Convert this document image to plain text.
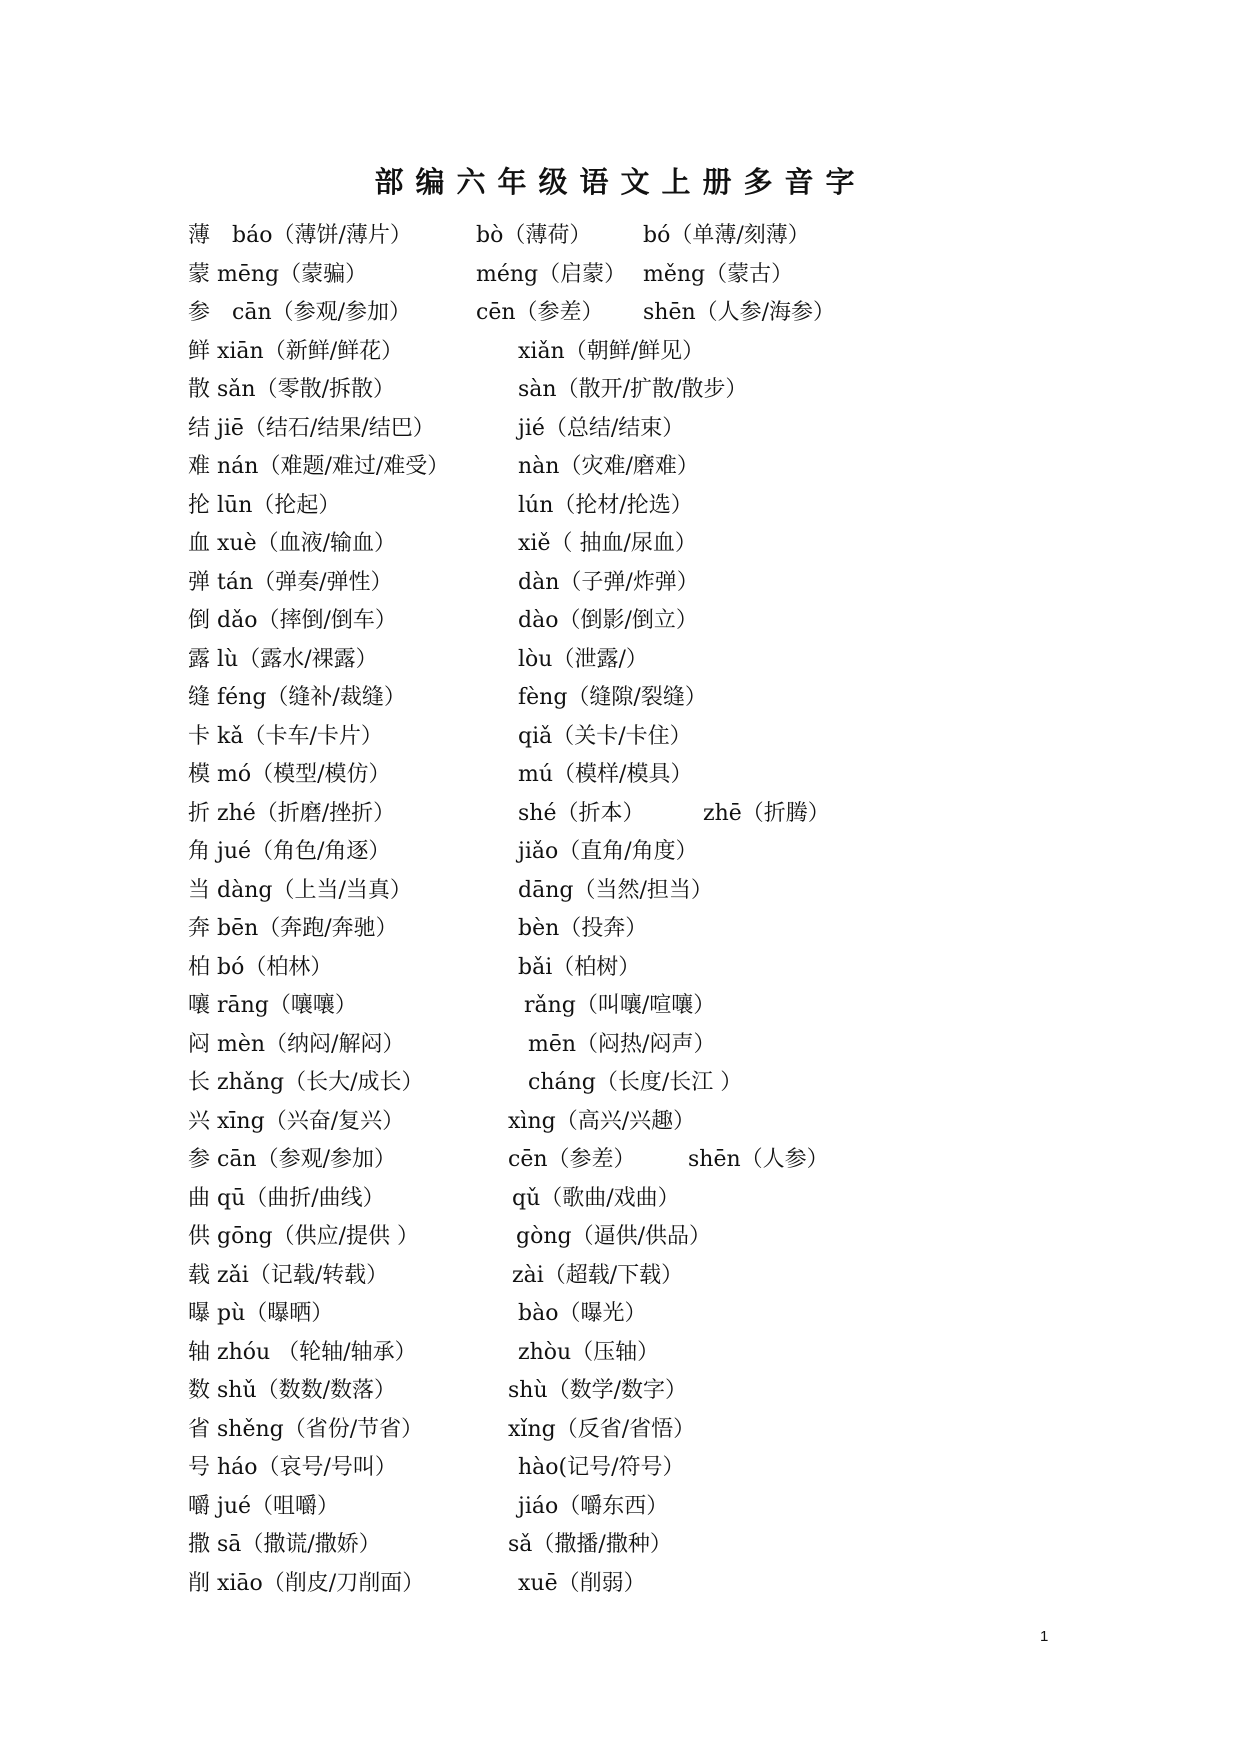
部编六年级语文上册多音字
薄　báo（薄饼/薄片）	bò（薄荷） bó（单薄/刻薄）
蒙 mēng（蒙骗）	méng（启蒙） měng（蒙古）
参　cān（参观/参加）	cēn（参差） shēn（人参/海参）
鲜 xiān（新鲜/鲜花）	xiǎn（朝鲜/鲜见）
散 sǎn（零散/拆散）	sàn（散开/扩散/散步）
结 jiē（结石/结果/结巴）	jié（总结/结束）
难 nán（难题/难过/难受）	nàn（灾难/磨难）
抡 lūn（抡起）	lún（抡材/抡选）
血 xuè（血液/输血）	xiě（ 抽血/尿血）
弹 tán（弹奏/弹性）	dàn（子弹/炸弹）
倒 dǎo（摔倒/倒车）	dào（倒影/倒立）
露 lù（露水/裸露）	lòu（泄露/）
缝 féng（缝补/裁缝）	fèng（缝隙/裂缝）
卡 kǎ（卡车/卡片）	qiǎ（关卡/卡住）
模 mó（模型/模仿）	mú（模样/模具）
折 zhé（折磨/挫折）	shé（折本）	zhē（折腾）
角 jué（角色/角逐）	jiǎo（直角/角度）
当 dàng（上当/当真）	dāng（当然/担当）
奔 bēn（奔跑/奔驰）	bèn（投奔）
柏 bó（柏林）	bǎi（柏树）
嚷 rāng（嚷嚷）	rǎng（叫嚷/喧嚷）
闷 mèn（纳闷/解闷）	mēn（闷热/闷声）
长 zhǎng（长大/成长）	cháng（长度/长江 ）
兴 xīng（兴奋/复兴）	xìng（高兴/兴趣）
参 cān（参观/参加）	cēn（参差） shēn（人参）
曲 qū（曲折/曲线）	qǔ（歌曲/戏曲）
供 gōng（供应/提供 ）	gòng（逼供/供品）
载 zǎi（记载/转载）	zài（超载/下载）
曝 pù（曝晒）	bào（曝光）
轴 zhóu （轮轴/轴承）	zhòu（压轴）
数 shǔ（数数/数落）	shù（数学/数字）
省 shěng（省份/节省）	xǐng（反省/省悟）
号 háo（哀号/号叫）	hào(记号/符号）
嚼 jué（咀嚼）	jiáo（嚼东西）
撒 sā（撒谎/撒娇）	sǎ（撒播/撒种）
削 xiāo（削皮/刀削面）	xuē（削弱）
1
